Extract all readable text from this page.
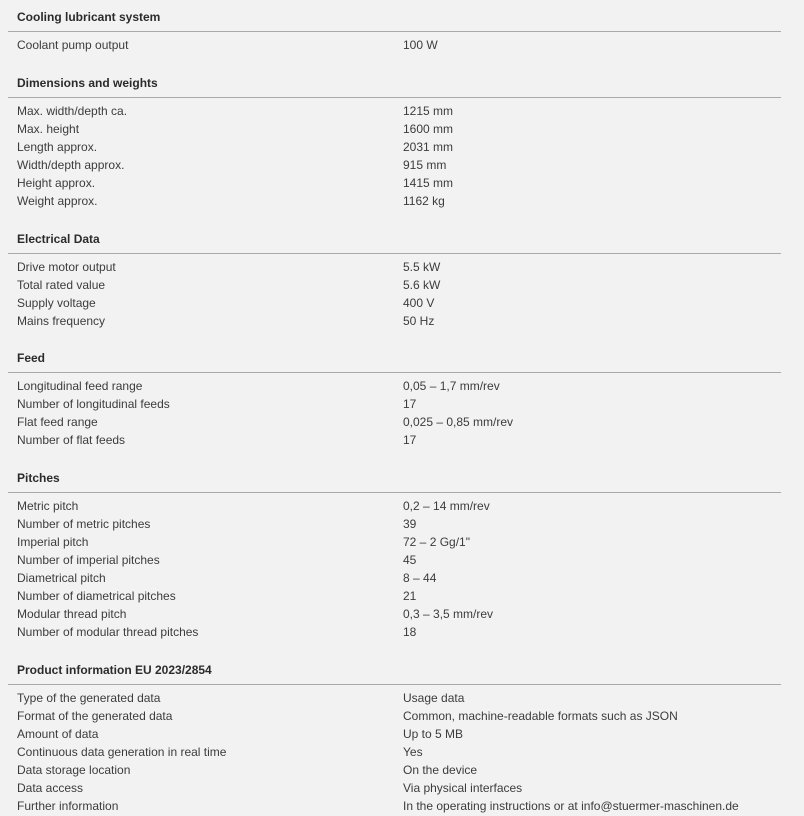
Cooling lubricant system
Coolant pump output	100 W
Dimensions and weights
Max. width/depth ca.	1215 mm
Max. height	1600 mm
Length approx.	2031 mm
Width/depth approx.	915 mm
Height approx.	1415 mm
Weight approx.	1162 kg
Electrical Data
Drive motor output	5.5 kW
Total rated value	5.6 kW
Supply voltage	400 V
Mains frequency	50 Hz
Feed
Longitudinal feed range	0,05 – 1,7 mm/rev
Number of longitudinal feeds	17
Flat feed range	0,025 – 0,85 mm/rev
Number of flat feeds	17
Pitches
Metric pitch	0,2 – 14 mm/rev
Number of metric pitches	39
Imperial pitch	72 – 2 Gg/1"
Number of imperial pitches	45
Diametrical pitch	8 – 44
Number of diametrical pitches	21
Modular thread pitch	0,3 – 3,5 mm/rev
Number of modular thread pitches	18
Product information EU 2023/2854
Type of the generated data	Usage data
Format of the generated data	Common, machine-readable formats such as JSON
Amount of data	Up to 5 MB
Continuous data generation in real time	Yes
Data storage location	On the device
Data access	Via physical interfaces
Further information	In the operating instructions or at info@stuermer-maschinen.de
